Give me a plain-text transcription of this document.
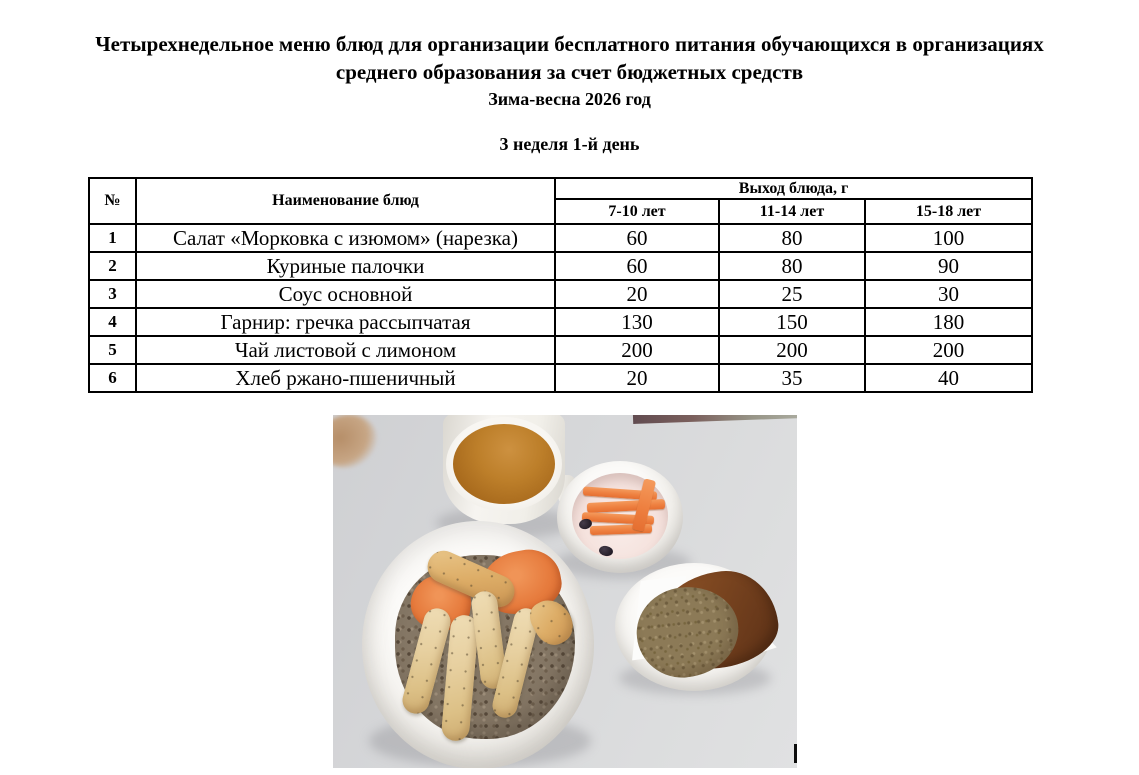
Четырехнедельное меню блюд для организации бесплатного питания обучающихся в организациях
среднего образования за счет бюджетных средств
Зима-весна 2026 год
3 неделя 1-й день
№	Наименование блюд	Выход блюда, г		
		7-10 лет	11-14 лет	15-18 лет
1	Салат «Морковка с изюмом» (нарезка)	60	80	100
2	Куриные палочки	60	80	90
3	Соус основной	20	25	30
4	Гарнир: гречка рассыпчатая	130	150	180
5	Чай листовой с лимоном	200	200	200
6	Хлеб ржано-пшеничный	20	35	40
